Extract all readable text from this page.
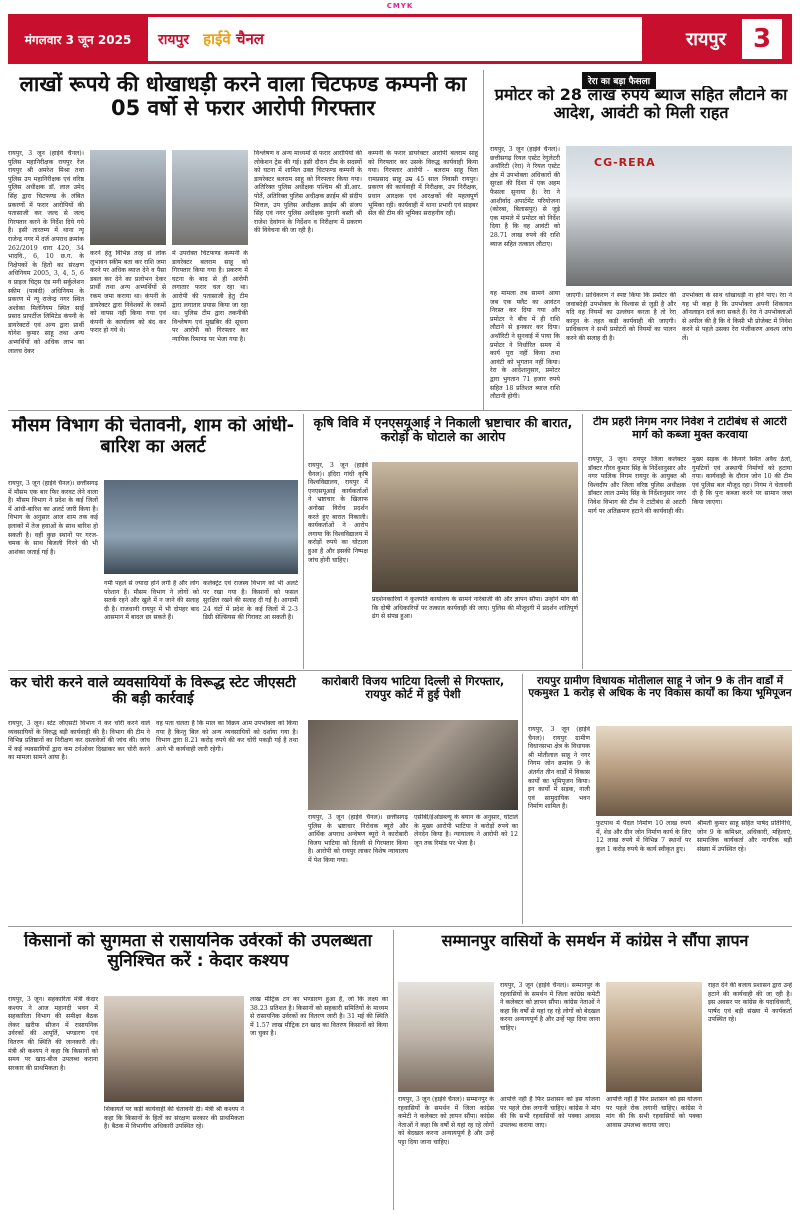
CMYK
मंगलवार 3 जून 2025	रायपुर हाईवे चैनल	रायपुर	3
लाखों रूपये की धोखाधड़ी करने वाला चिटफण्ड कम्पनी का 05 वर्षो से फरार आरोपी गिरफ्तार
रायपुर, 3 जून (हाईवे चैनल)। पुलिस महानिरीक्षक रायपुर रेंज रायपुर श्री अमरेश मिश्रा तथा पुलिस उप महानिरीक्षक एवं वरिष्ठ पुलिस अधीक्षक डॉ. लाल उमेद सिंह द्वारा चिटफण्ड के लंबित प्रकरणों में फरार आरोपियों की पतासाजी कर जल्द से जल्द गिरफ्तार करने के निर्देश दिये गये है। इसी तारतम्य में थाना न्यू राजेन्द्र नगर में दर्ज अपराध क्रमांक 262/2019 धारा 420, 34 भादवि., 6, 10 छ.ग. के निक्षेपकों के हितों का संरक्षण अधिनियम 2005, 3, 4, 5, 6 व प्राइज चिट्स एंड मनी सर्कुलेशन स्कीम (पाबंदी) अधिनियम के प्रकरण में न्यू राजेन्द्र नगर स्थित अशोका मिलेनियम स्थित साईं प्रसाद प्रापर्टीज लिमिटेड कंपनी के डायरेक्टरों एवं अन्य द्वारा प्रार्थी योगेश कुमार साहू तथा अन्य अभ्यर्थियों को अधिक लाभ का लालच देकर
करने हेतु विभिन्न तरह से लोक लुभावन स्कीम बता कर राशि जमा करने पर अधिक ब्याज देने व पैसा डबल कर देने का प्रलोभन देकर प्रार्थी तथा अन्य अभ्यर्थियों से रकम जमा कराया था। कंपनी के डायरेक्टर द्वारा निवेशकों के रकमों को वापस नहीं किया गया एवं कंपनी के कार्यालय को बंद कर फरार हो गये थे।
में उपरोक्त चिटफण्ड कम्पनी के डायरेक्टर बलराम साहू को गिरफ्तार किया गया है। प्रकरण में घटना के बाद से ही आरोपी लगातार फरार चल रहा था। आरोपी की पतासाजी हेतु टीम द्वारा लगातार प्रयास किया जा रहा था। पुलिस टीम द्वारा तकनीकी विश्लेषण एवं मुखबिर की सूचना पर आरोपी को गिरफ्तार कर न्यायिक रिमाण्ड पर भेजा गया है।
विश्लेषण व अन्य माध्यमों से फरार आरोपियों की लोकेशन ट्रेस की गई। इसी दौरान टीम के सदस्यों को घटना में शामिल उक्त चिटफण्ड कम्पनी के डायरेक्टर बलराम साहू को गिरफ्तार किया गया। अतिरिक्त पुलिस अधीक्षक पश्चिम श्री डी.आर. पोर्ते, अतिरिक्त पुलिस अधीक्षक क्राईम श्री संदीप मित्तल, उप पुलिस अधीक्षक क्राईम श्री संजय सिंह एवं नगर पुलिस अधीक्षक पुरानी बस्ती श्री राजेश देवांगन के निर्देशन व निरीक्षण में प्रकरण की विवेचना की जा रही है।
कम्पनी के फरार डायरेक्टर आरोपी बलराम साहू को गिरफ्तार कर उसके विरुद्ध कार्यवाही किया गया। गिरफ्तार आरोपी - बलराम साहू पिता रामप्रसाद साहू उम्र 45 साल निवासी रायपुर। प्रकरण की कार्यवाही में निरीक्षक, उप निरीक्षक, प्रधान आरक्षक एवं आरक्षकों की महत्वपूर्ण भूमिका रही। कार्यवाही में थाना प्रभारी एवं साइबर सेल की टीम की भूमिका सराहनीय रही।
रेरा का बड़ा फैसला
प्रमोटर को 28 लाख रुपये ब्याज सहित लौटाने का आदेश, आवंटी को मिली राहत
रायपुर, 3 जून (हाईवे चैनल)। छत्तीसगढ़ रियल एस्टेट रेगुलेटरी अथॉरिटी (रेरा) ने रियल एस्टेट क्षेत्र में उपभोक्ता अधिकारों की सुरक्षा की दिशा में एक अहम फैसला सुनाया है। रेरा ने आशीर्वाद अपार्टमेंट परियोजना (कोरबा, बिलासपुर) से जुड़े एक मामले में प्रमोटर को निर्देश दिया है कि वह आवंटी को 28.71 लाख रुपये की राशि ब्याज सहित तत्काल लौटाए।
यह मामला तब सामने आया जब एक फ्लैट का आवंटन निरस्त कर दिया गया और प्रमोटर ने बीच में ही राशि लौटाने से इनकार कर दिया। अथॉरिटी ने सुनवाई में पाया कि प्रमोटर ने निर्धारित समय में कार्य पूरा नहीं किया तथा आवंटी को भुगतान नहीं किया। रेरा के आदेशानुसार, प्रमोटर द्वारा भुगतान 71 हजार रुपये सहित 18 प्रतिशत ब्याज राशि लौटानी होगी।
CG-RERA
जाएगी। प्राधिकरण ने स्पष्ट किया कि प्रमोटर की जवाबदेही उपभोक्ता के विश्वास से जुड़ी है और यदि वह नियमों का उल्लंघन करता है तो रेरा कानून के तहत कड़ी कार्यवाही की जाएगी। प्राधिकरण ने सभी प्रमोटरों को नियमों का पालन करने की सलाह दी है।
उपभोक्ता के साथ धोखाधड़ी ना होने पाए। रेरा ने यह भी कहा है कि उपभोक्ता अपनी शिकायत ऑनलाइन दर्ज करा सकते हैं। रेरा ने उपभोक्ताओं से अपील की है कि वे किसी भी प्रोजेक्ट में निवेश करने से पहले उसका रेरा पंजीकरण अवश्य जांच लें।
मौसम विभाग की चेतावनी, शाम को आंधी-बारिश का अलर्ट
रायपुर, 3 जून (हाईवे चैनल)। छत्तीसगढ़ में मौसम एक बार फिर करवट लेने वाला है। मौसम विभाग ने प्रदेश के कई जिलों में आंधी-बारिश का अलर्ट जारी किया है। विभाग के अनुसार आज शाम तक कई इलाकों में तेज हवाओं के साथ बारिश हो सकती है। वहीं कुछ स्थानों पर गरज-चमक के साथ बिजली गिरने की भी आशंका जताई गई है।
गर्मी पहले से ज्यादा होने लगी है और लोग परेशान हैं। मौसम विभाग ने लोगों को सतर्क रहने और खुले में न जाने की सलाह दी है। राजधानी रायपुर में भी दोपहर बाद आसमान में बादल छा सकते हैं।
कलेक्ट्रेट एवं राजस्व विभाग को भी अलर्ट पर रखा गया है। किसानों को फसल सुरक्षित रखने की सलाह दी गई है। आगामी 24 घंटों में प्रदेश के कई जिलों में 2-3 डिग्री सेल्सियस की गिरावट आ सकती है।
कृषि विवि में एनएसयूआई ने निकाली भ्रष्टाचार की बारात, करोड़ों के घोटाले का आरोप
रायपुर, 3 जून (हाईवे चैनल)। इंदिरा गांधी कृषि विश्वविद्यालय, रायपुर में एनएसयूआई कार्यकर्ताओं ने भ्रष्टाचार के खिलाफ अनोखा विरोध प्रदर्शन करते हुए बारात निकाली। कार्यकर्ताओं ने आरोप लगाया कि विश्वविद्यालय में करोड़ों रुपये का घोटाला हुआ है और इसकी निष्पक्ष जांच होनी चाहिए।
प्रदर्शनकारियों ने कुलपति कार्यालय के सामने नारेबाजी की और ज्ञापन सौंपा। उन्होंने मांग की कि दोषी अधिकारियों पर तत्काल कार्यवाही की जाए। पुलिस की मौजूदगी में प्रदर्शन शांतिपूर्ण ढंग से संपन्न हुआ।
टीम प्रहरी निगम नगर निवेश ने टाटीबंध से आटरी मार्ग को कब्जा मुक्त करवाया
रायपुर, 3 जून। रायपुर जिला कलेक्टर डॉक्टर गौरव कुमार सिंह के निर्देशानुसार और नगर पालिक निगम रायपुर के आयुक्त श्री विश्वदीप और जिला वरिष्ठ पुलिस अधीक्षक डॉक्टर लाल उम्मेद सिंह के निर्देशानुसार नगर निवेश विभाग की टीम ने टाटीबंध से आटरी मार्ग पर अतिक्रमण हटाने की कार्यवाही की।
मुख्य सड़क के किनारे स्थित अवैध ठेलों, गुमटियों एवं अस्थायी निर्माणों को हटाया गया। कार्यवाही के दौरान जोन 10 की टीम एवं पुलिस बल मौजूद रहा। निगम ने चेतावनी दी है कि पुनः कब्जा करने पर सामान जब्त किया जाएगा।
कर चोरी करने वाले व्यवसायियों के विरूद्ध स्टेट जीएसटी की बड़ी कार्रवाई
रायपुर, 3 जून। स्टेट जीएसटी विभाग ने कर चोरी करने वाले व्यवसायियों के विरुद्ध बड़ी कार्यवाही की है। विभाग की टीम ने विभिन्न प्रतिष्ठानों का निरीक्षण कर दस्तावेजों की जांच की। जांच में कई व्यवसायियों द्वारा कम टर्नओवर दिखाकर कर चोरी करने का मामला सामने आया है।
वह पता चलता है कि माल का विक्रय आम उपभोक्ता को किया गया है किन्तु बिल को अन्य व्यवसायियों को दर्शाया गया है। विभाग द्वारा 8.21 करोड़ रुपये की कर चोरी पकड़ी गई है तथा आगे भी कार्यवाही जारी रहेगी।
कारोबारी विजय भाटिया दिल्ली से गिरफ्तार, रायपुर कोर्ट में हुई पेशी
रायपुर, 3 जून (हाईवे चैनल)। छत्तीसगढ़ पुलिस के भ्रष्टाचार निरोधक ब्यूरो और आर्थिक अपराध अन्वेषण ब्यूरो ने कारोबारी विजय भाटिया को दिल्ली से गिरफ्तार किया है। आरोपी को रायपुर लाकर विशेष न्यायालय में पेश किया गया।
एसीबी/ईओडब्ल्यू के बयान के अनुसार, घोटाले के मुख्य आरोपी भाटिया ने करोड़ों रुपये का लेनदेन किया है। न्यायालय ने आरोपी को 12 जून तक रिमांड पर भेजा है।
रायपुर ग्रामीण विधायक मोतीलाल साहू ने जोन 9 के तीन वार्डों में एकमुश्त 1 करोड़ से अधिक के नए विकास कार्यों का किया भूमिपूजन
रायपुर, 3 जून (हाईवे चैनल)। रायपुर ग्रामीण विधानसभा क्षेत्र के विधायक श्री मोतीलाल साहू ने नगर निगम जोन क्रमांक 9 के अंतर्गत तीन वार्डों में विकास कार्यों का भूमिपूजन किया। इन कार्यों में सड़क, नाली एवं सामुदायिक भवन निर्माण शामिल है।
फुटपाथ में पैदल निर्माण 10 लाख रुपये में, शेड और ग्रीन जोन निर्माण कार्य के लिए 12 लाख रुपये में विभिन्न 7 स्थानों पर कुल 1 करोड़ रुपये के कार्य स्वीकृत हुए।
श्रीमती कुमार साहू सहित पार्षद प्रतिनिधि, जोन 9 के कमिश्नर, अधिकारी, महिलाएं, सामाजिक कार्यकर्ता और नागरिक बड़ी संख्या में उपस्थित रहे।
किसानों को सुगमता से रासायनिक उर्वरकों की उपलब्धता सुनिश्चित करें : केदार कश्यप
रायपुर, 3 जून। सहकारिता मंत्री केदार कश्यप ने आज महानदी भवन में सहकारिता विभाग की समीक्षा बैठक लेकर खरीफ सीजन में रासायनिक उर्वरकों की आपूर्ति, भण्डारण एवं वितरण की स्थिति की जानकारी ली। मंत्री श्री कश्यप ने कहा कि किसानों को समय पर खाद-बीज उपलब्ध कराना सरकार की प्राथमिकता है।
शिकायतें पर कड़ी कार्यवाही की चेतावनी दी। मंत्री श्री कश्यप ने कहा कि किसानों के हितों का संरक्षण सरकार की प्राथमिकता है। बैठक में विभागीय अधिकारी उपस्थित रहे।
लाख मीट्रिक टन का भण्डारण हुआ है, जो कि लक्ष्य का 38.23 प्रतिशत है। किसानों को सहकारी समितियों के माध्यम से रासायनिक उर्वरकों का वितरण जारी है। 31 मई की स्थिति में 1.57 लाख मीट्रिक टन खाद का वितरण किसानों को किया जा चुका है।
सम्मानपुर वासियों के समर्थन में कांग्रेस ने सौंपा ज्ञापन
रायपुर, 3 जून (हाईवे चैनल)। सम्मानपुर के रहवासियों के समर्थन में जिला कांग्रेस कमेटी ने कलेक्टर को ज्ञापन सौंपा। कांग्रेस नेताओं ने कहा कि वर्षों से यहां रह रहे लोगों को बेदखल करना अन्यायपूर्ण है और उन्हें पट्टा दिया जाना चाहिए।
आपत्ति नहीं है फिर प्रशासन को इस योजना पर पहले रोक लगानी चाहिए। कांग्रेस ने मांग की कि सभी रहवासियों को पक्का आवास उपलब्ध कराया जाए।
आपत्ति नहीं है फिर प्रशासन को इस योजना पर पहले रोक लगानी चाहिए। कांग्रेस ने मांग की कि सभी रहवासियों को पक्का आवास उपलब्ध कराया जाए।
राहत देने की बजाय प्रशासन द्वारा उन्हें हटाने की कार्यवाही की जा रही है। इस अवसर पर कांग्रेस के पदाधिकारी, पार्षद एवं बड़ी संख्या में कार्यकर्ता उपस्थित रहे।
रायपुर, 3 जून (हाईवे चैनल)। सम्मानपुर के रहवासियों के समर्थन में जिला कांग्रेस कमेटी ने कलेक्टर को ज्ञापन सौंपा। कांग्रेस नेताओं ने कहा कि वर्षों से यहां रह रहे लोगों को बेदखल करना अन्यायपूर्ण है और उन्हें पट्टा दिया जाना चाहिए।
